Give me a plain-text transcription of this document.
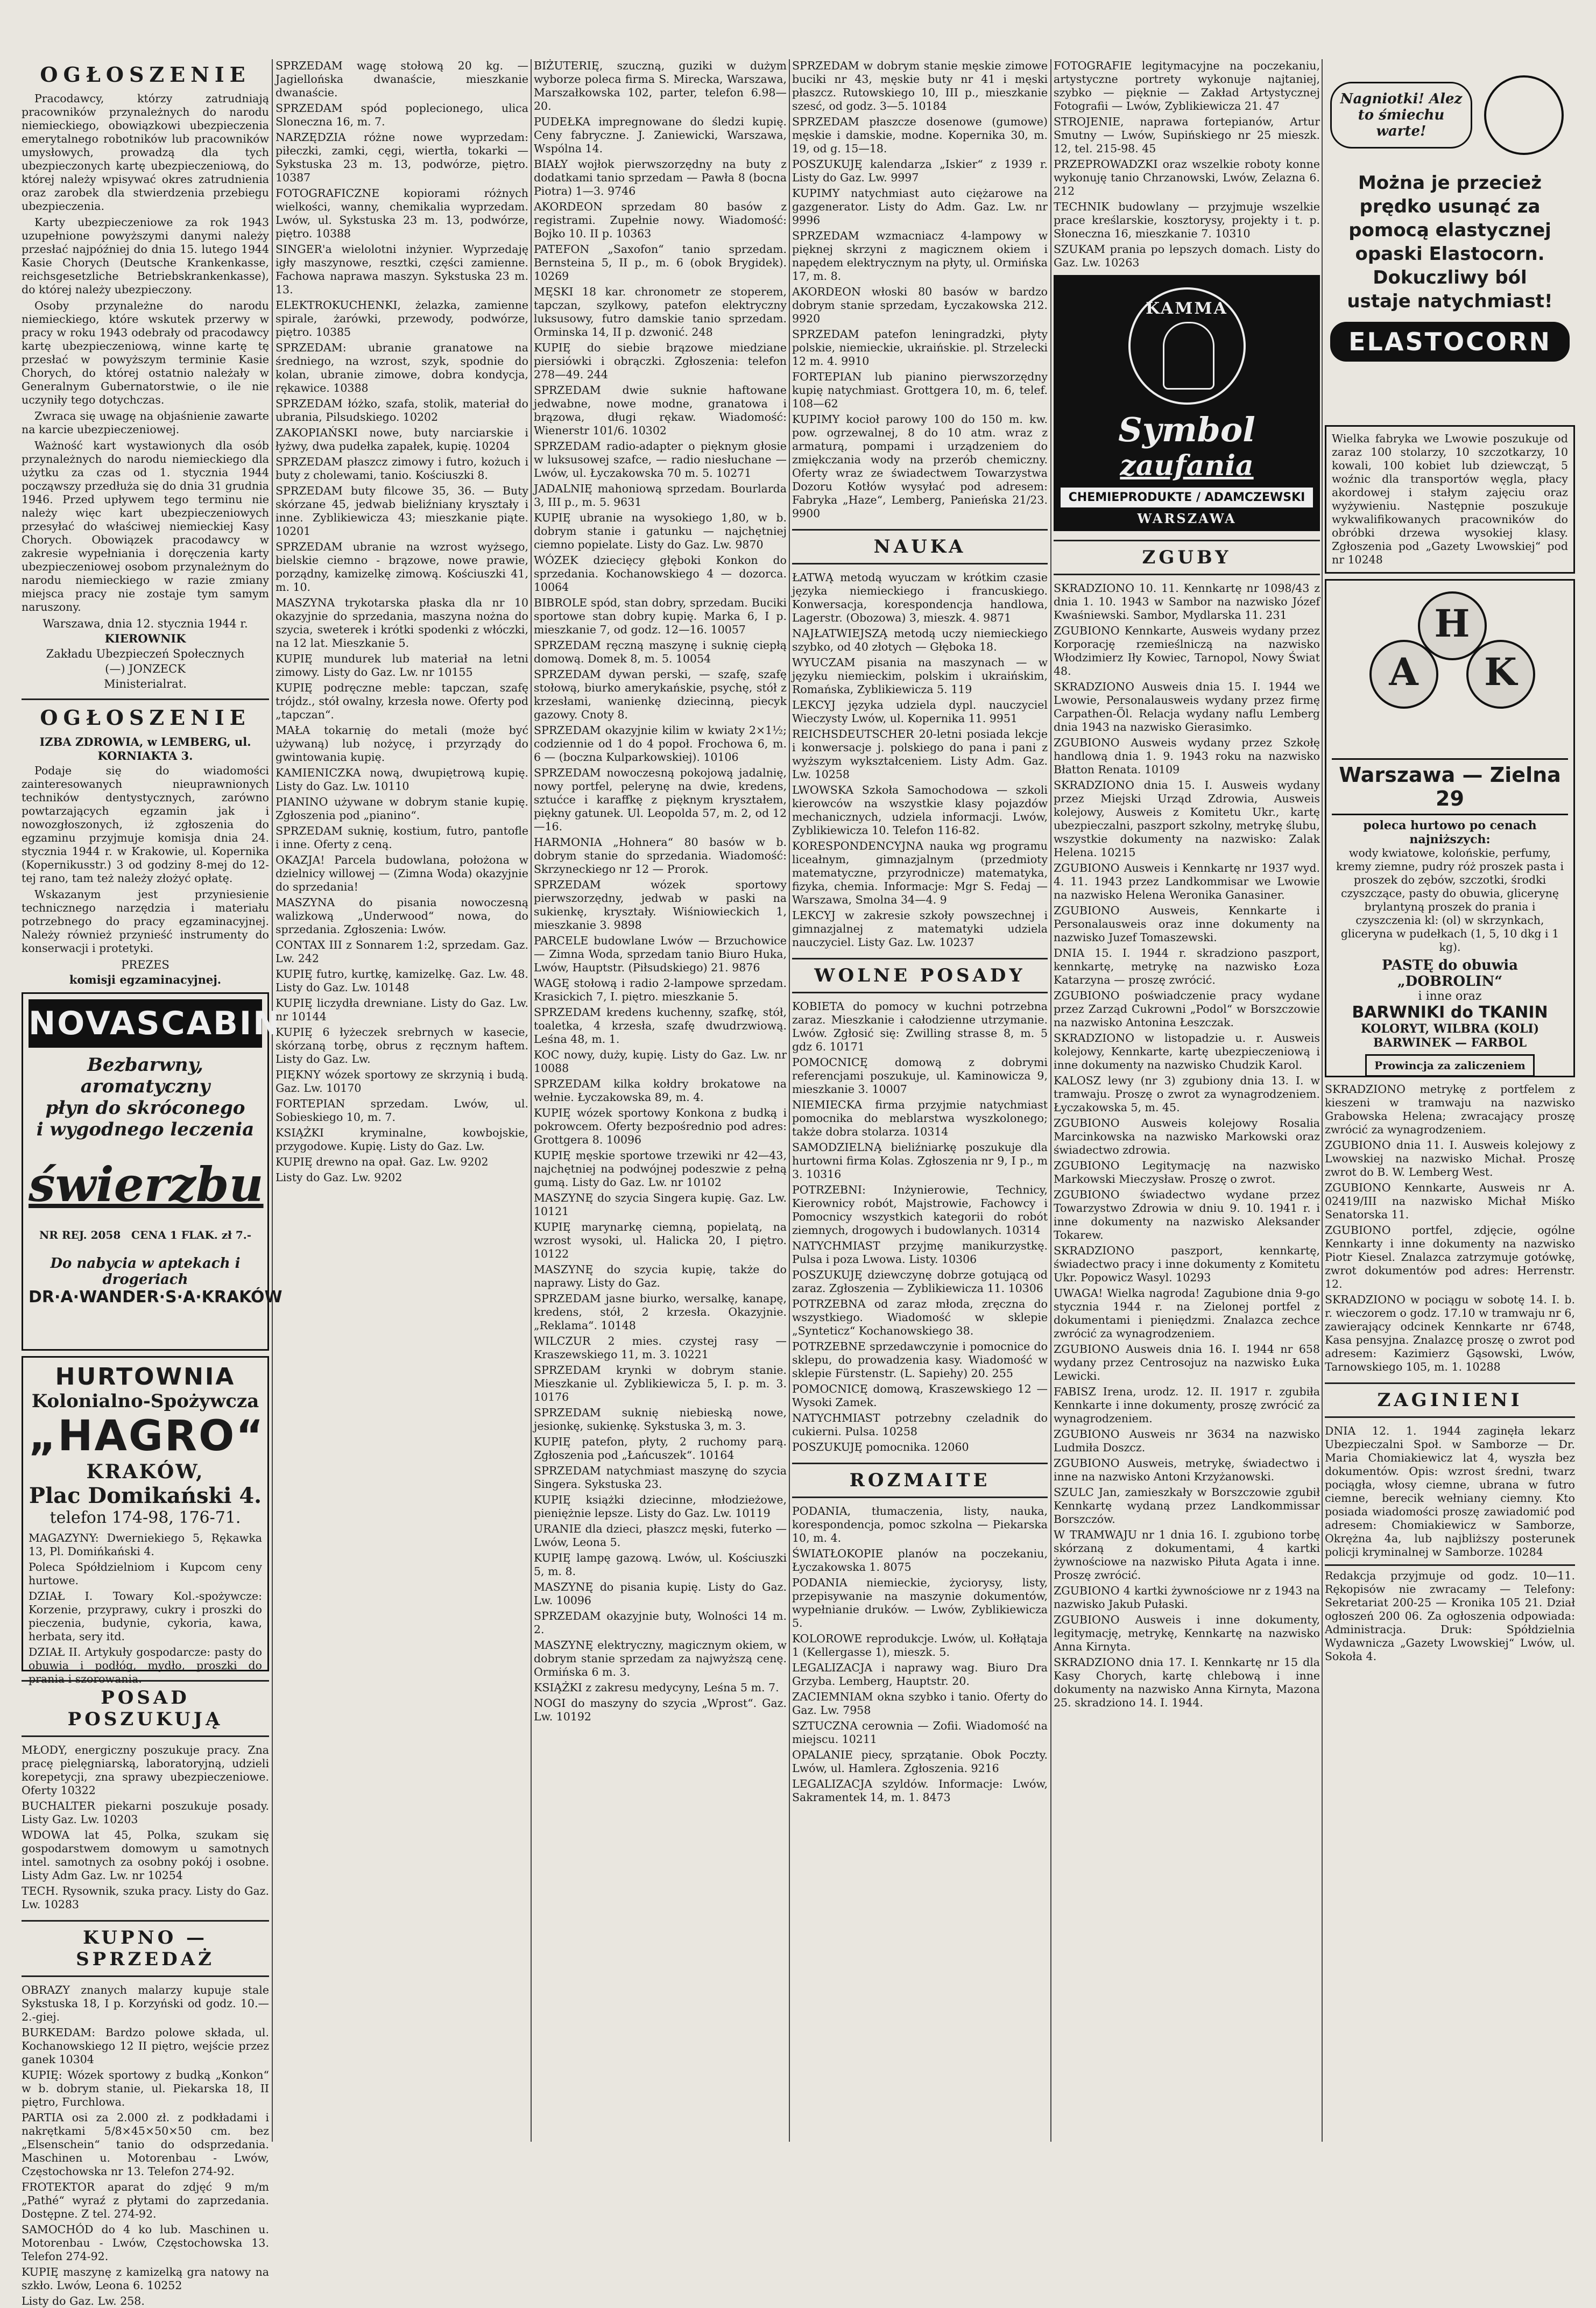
OGŁOSZENIE
Pracodawcy, którzy zatrudniają pracowników przynależnych do narodu niemieckiego, obowiązkowi ubezpieczenia emerytalnego robotników lub pracowników umysłowych, prowadzą dla tych ubezpieczonych kartę ubezpieczeniową, do której należy wpisywać okres zatrudnienia oraz zarobek dla stwierdzenia przebiegu ubezpieczenia.
Karty ubezpieczeniowe za rok 1943 uzupełnione powyższymi danymi należy przesłać najpóźniej do dnia 15. lutego 1944 Kasie Chorych (Deutsche Krankenkasse, reichsgesetzliche Betriebskrankenkasse), do której należy ubezpieczony.
Osoby przynależne do narodu niemieckiego, które wskutek przerwy w pracy w roku 1943 odebrały od pracodawcy kartę ubezpieczeniową, winne kartę tę przesłać w powyższym terminie Kasie Chorych, do której ostatnio należały w Generalnym Gubernatorstwie, o ile nie uczyniły tego dotychczas.
Zwraca się uwagę na objaśnienie zawarte na karcie ubezpieczeniowej.
Ważność kart wystawionych dla osób przynależnych do narodu niemieckiego dla użytku za czas od 1. stycznia 1944 począwszy przedłuża się do dnia 31 grudnia 1946. Przed upływem tego terminu nie należy więc kart ubezpieczeniowych przesyłać do właściwej niemieckiej Kasy Chorych. Obowiązek pracodawcy w zakresie wypełniania i doręczenia karty ubezpieczeniowej osobom przynależnym do narodu niemieckiego w razie zmiany miejsca pracy nie zostaje tym samym naruszony.
Warszawa, dnia 12. stycznia 1944 r.
KIEROWNIK
Zakładu Ubezpieczeń Społecznych
(—) JONZECK
Ministerialrat.
OGŁOSZENIE
IZBA ZDROWIA, w LEMBERG, ul. KORNIAKTA 3.
Podaje się do wiadomości zainteresowanych nieuprawnionych techników dentystycznych, zarówno powtarzających egzamin jak i nowozgłoszonych, iż zgłoszenia do egzaminu przyjmuje komisja dnia 24. stycznia 1944 r. w Krakowie, ul. Kopernika (Kopernikusstr.) 3 od godziny 8-mej do 12-tej rano, tam też należy złożyć opłatę.
Wskazanym jest przyniesienie technicznego narzędzia i materiału potrzebnego do pracy egzaminacyjnej. Należy również przynieść instrumenty do konserwacji i protetyki.
PREZES
komisji egzaminacyjnej.
NOVASCABIN
Bezbarwny, aromatyczny
płyn do skróconego
i wygodnego leczenia
świerzbu
NR REJ. 2058 CENA 1 FLAK. zł 7.-
Do nabycia w aptekach i drogeriach
DR·A·WANDER·S·A·KRAKÓW
HURTOWNIA
Kolonialno-Spożywcza
„HAGRO“
KRAKÓW,
Plac Domikański 4.
telefon 174-98, 176-71.
MAGAZYNY: Dwerniekiego 5, Rękawka 13, Pl. Domińkański 4.
Poleca Spółdzielniom i Kupcom ceny hurtowe.
DZIAŁ I. Towary Kol.-spożywcze: Korzenie, przyprawy, cukry i proszki do pieczenia, budynie, cykoria, kawa, herbata, sery itd.
DZIAŁ II. Artykuły gospodarcze: pasty do obuwia i podłóg, mydło, proszki do prania i szorowania.
POSAD POSZUKUJĄ
MŁODY, energiczny poszukuje pracy. Zna pracę pielęgniarską, laboratoryjną, udzieli korepetycji, zna sprawy ubezpieczeniowe. Oferty 10322
BUCHALTER piekarni poszukuje posady. Listy Gaz. Lw. 10203
WDOWA lat 45, Polka, szukam się gospodarstwem domowym u samotnych intel. samotnych za osobny pokój i osobne. Listy Adm Gaz. Lw. nr 10254
TECH. Rysownik, szuka pracy. Listy do Gaz. Lw. 10283
KUPNO — SPRZEDAŻ
OBRAZY znanych malarzy kupuje stale Sykstuska 18, I p. Korzyński od godz. 10.—2.-giej.
BURKEDAM: Bardzo polowe składa, ul. Kochanowskiego 12 II piętro, wejście przez ganek 10304
KUPIĘ: Wózek sportowy z budką „Konkon“ w b. dobrym stanie, ul. Piekarska 18, II piętro, Furchlowa.
PARTIA osi za 2.000 zł. z podkładami i nakrętkami 5/8×45×50×50 cm. bez „Elsenschein“ tanio do odsprzedania. Maschinen u. Motorenbau - Lwów, Częstochowska nr 13. Telefon 274-92.
FROTEKTOR aparat do zdjęć 9 m/m „Pathé“ wyraź z płytami do zaprzedania. Dostępne. Z tel. 274-92.
SAMOCHÓD do 4 ko lub. Maschinen u. Motorenbau - Lwów, Częstochowska 13. Telefon 274-92.
KUPIĘ maszynę z kamizelką gra natowy na szkło. Lwów, Leona 6. 10252
Listy do Gaz. Lw. 258.
SPRZEDAM wagę stołową 20 kg. — Jagiellońska dwanaście, mieszkanie dwanaście.
SPRZEDAM spód poplecionego, ulica Slonecznа 16, m. 7.
NARZĘDZIA różne nowe wyprzedam: piłeczki, zamki, cęgi, wiertła, tokarki — Sykstuska 23 m. 13, podwórze, piętro. 10387
FOTOGRAFICZNE kopiorami różnych wielkości, wanny, chemikalia wyprzedam. Lwów, ul. Sykstuska 23 m. 13, podwórze, piętro. 10388
SINGER'a wielolotni inżynier. Wyprzedaję igły maszynowe, resztki, części zamienne. Fachowa naprawa maszyn. Sykstuska 23 m. 13.
ELEKTROKUCHENKI, żelazka, zamienne spirale, żarówki, przewody, podwórze, piętro. 10385
SPRZEDAM: ubranie granatowe na średniego, na wzrost, szyk, spodnie do kolan, ubranie zimowe, dobra kondycja, rękawice. 10388
SPRZEDAM łóżko, szafa, stolik, materiał do ubrania, Pilsudskiego. 10202
ZAKOPIAŃSKI nowe, buty narciarskie i łyżwy, dwa pudełka zapałek, kupię. 10204
SPRZEDAM płaszcz zimowy i futro, kożuch i buty z cholewami, tanio. Kościuszki 8.
SPRZEDAM buty filcowe 35, 36. — Buty skórzane 45, jedwab bieliźniany kryształy i inne. Zyblikiewicza 43; mieszkanie piąte. 10201
SPRZEDAM ubranie na wzrost wyżsego, bielskie ciemno - brązowe, nowe prawie, porządny, kamizelkę zimową. Kościuszki 41, m. 10.
MASZYNA trykotarska płaska dla nr 10 okazyjnie do sprzedania, maszyna nożna do szycia, sweterek i krótki spodenki z włóczki, na 12 lat. Mieszkanie 5.
KUPIĘ mundurek lub materiał na letni zimowy. Listy do Gaz. Lw. nr 10155
KUPIĘ podręczne meble: tapczan, szafę trójdz., stół owalny, krzesła nowe. Oferty pod „tapczan“.
MAŁA tokarnię do metali (może być używaną) lub nożycę, i przyrządy do gwintowania kupię.
KAMIENICZKA nową, dwupiętrową kupię. Listy do Gaz. Lw. 10110
PIANINO używane w dobrym stanie kupię. Zgłoszenia pod „pianino“.
SPRZEDAM suknię, kostium, futro, pantofle i inne. Oferty z ceną.
OKAZJA! Parcela budowlana, położona w dzielnicy willowej — (Zimna Woda) okazyjnie do sprzedania!
MASZYNA do pisania nowoczesną walizkową „Underwood“ nowa, do sprzedania. Zgłoszenia: Lwów.
CONTAX III z Sonnarem 1:2, sprzedam. Gaz. Lw. 242
KUPIĘ futro, kurtkę, kamizelkę. Gaz. Lw. 48. Listy do Gaz. Lw. 10148
KUPIĘ liczydła drewniane. Listy do Gaz. Lw. nr 10144
KUPIĘ 6 łyżeczek srebrnych w kasecie, skórzaną torbę, obrus z ręcznym haftem. Listy do Gaz. Lw.
PIĘKNY wózek sportowy ze skrzynią i budą. Gaz. Lw. 10170
FORTEPIAN sprzedam. Lwów, ul. Sobieskiego 10, m. 7.
KSIĄŻKI kryminalne, kowbojskie, przygodowe. Kupię. Listy do Gaz. Lw.
KUPIĘ drewno na opał. Gaz. Lw. 9202
Listy do Gaz. Lw. 9202
BIŻUTERIĘ, szuczną, guziki w dużym wyborze poleca firma S. Mirecka, Warszawa, Marszałkowska 102, parter, telefon 6.98—20.
PUDEŁKA impregnowane do śledzi kupię. Ceny fabryczne. J. Zaniewicki, Warszawa, Wspólna 14.
BIAŁY wojłok pierwszorzędny na buty z dodatkami tanio sprzedam — Pawła 8 (bocna Piotra) 1—3. 9746
AKORDEON sprzedam 80 basów z registrami. Zupełnie nowy. Wiadomość: Bojko 10. II p. 10363
PATEFON „Saxofon“ tanio sprzedam. Bernsteina 5, II p., m. 6 (obok Brygidek). 10269
MĘSKI 18 kar. chronometr ze stoperem, tapczan, szylkowy, patefon elektryczny luksusowy, futro damskie tanio sprzedam. Orminska 14, II p. dzwonić. 248
KUPIĘ do siebie brązowe miedziane piersiówki i obrączki. Zgłoszenia: telefon 278—49. 244
SPRZEDAM dwie suknie haftowane jedwabne, nowe modne, granatowa i brązowa, długi rękaw. Wiadomość: Wienerstr 101/6. 10302
SPRZEDAM radio-adapter o pięknym głosie w luksusowej szafce, — radio niesłuchane — Lwów, ul. Łyczakowska 70 m. 5. 10271
JADALNIĘ mahoniową sprzedam. Bourlarda 3, III p., m. 5. 9631
KUPIĘ ubranie na wysokiego 1,80, w b. dobrym stanie i gatunku — najchętniej ciemno popielate. Listy do Gaz. Lw. 9870
WÓZEK dziecięcy głęboki Konkon do sprzedania. Kochanowskiego 4 — dozorca. 10064
BIBROLE spód, stan dobry, sprzedam. Buciki sportowe stan dobry kupię. Marka 6, I p. mieszkanie 7, od godz. 12—16. 10057
SPRZEDAM ręczną maszynę i suknię ciepłą domową. Domek 8, m. 5. 10054
SPRZEDAM dywan perski, — szafę, szafę stołową, biurko amerykańskie, psychę, stół z krzesłami, wanienkę dziecinną, piecyk gazowy. Cnoty 8.
SPRZEDAM okazyjnie kilim w kwiaty 2×1½; codziennie od 1 do 4 popoł. Frochowa 6, m. 6 — (boczna Kulparkowskiej). 10106
SPRZEDAM nowoczesną pokojową jadalnię, nowy portfel, pelerynę na dwie, kredens, sztućce i karaffkę z pięknym kryształem, piękny gatunek. Ul. Leopolda 57, m. 2, od 12—16.
HARMONIA „Hohnera“ 80 basów w b. dobrym stanie do sprzedania. Wiadomość: Skrzyneckiego nr 12 — Prorok.
SPRZEDAM wózek sportowy pierwszorzędny, jedwab w paski na sukienkę, kryształy. Wiśniowieckich 1, mieszkanie 3. 9898
PARCELE budowlane Lwów — Brzuchowice — Zimna Woda, sprzedam tanio Biuro Huka, Lwów, Hauptstr. (Piłsudskiego) 21. 9876
WAGĘ stołową i radio 2-lampowe sprzedam. Krasickich 7, I. piętro. mieszkanie 5.
SPRZEDAM kredens kuchenny, szafkę, stół, toaletka, 4 krzesła, szafę dwudrzwiową. Leśna 48, m. 1.
KOC nowy, duży, kupię. Listy do Gaz. Lw. nr 10088
SPRZEDAM kilka kołdry brokatowe na wełnie. Łyczakowska 89, m. 4.
KUPIĘ wózek sportowy Konkona z budką i pokrowcem. Oferty bezpośrednio pod adres: Grottgera 8. 10096
KUPIĘ męskie sportowe trzewiki nr 42—43, najchętniej na podwójnej podeszwie z pełną gumą. Listy do Gaz. Lw. nr 10102
MASZYNĘ do szycia Singera kupię. Gaz. Lw. 10121
KUPIĘ marynarkę ciemną, popielatą, na wzrost wysoki, ul. Halicka 20, I piętro. 10122
MASZYNĘ do szycia kupię, także do naprawy. Listy do Gaz.
SPRZEDAM jasne biurko, wersalkę, kanapę, kredens, stół, 2 krzesła. Okazyjnie. „Reklama“. 10148
WILCZUR 2 mies. czystej rasy — Kraszewskiego 11, m. 3. 10221
SPRZEDAM krynki w dobrym stanie. Mieszkanie ul. Zyblikiewicza 5, I. p. m. 3. 10176
SPRZEDAM suknię niebieską nowe, jesionkę, sukienkę. Sykstuska 3, m. 3.
KUPIĘ patefon, płyty, 2 ruchomy parą. Zgłoszenia pod „Łańcuszek“. 10164
SPRZEDAM natychmiast maszynę do szycia Singera. Sykstuska 23.
KUPIĘ książki dziecinne, młodzieżowe, pieniężnie lepsze. Listy do Gaz. Lw. 10119
URANIE dla dzieci, płaszcz męski, futerko — Lwów, Leona 5.
KUPIĘ lampę gazową. Lwów, ul. Kościuszki 5, m. 8.
MASZYNĘ do pisania kupię. Listy do Gaz. Lw. 10096
SPRZEDAM okazyjnie buty, Wolności 14 m. 2.
MASZYNĘ elektryczny, magicznym okiem, w dobrym stanie sprzedam za najwyższą cenę. Ormińska 6 m. 3.
KSIĄŻKI z zakresu medycyny, Leśna 5 m. 7.
NOGI do maszyny do szycia „Wprost“. Gaz. Lw. 10192
SPRZEDAM w dobrym stanie męskie zimowe buciki nr 43, męskie buty nr 41 i męski płaszcz. Rutowskiego 10, III p., mieszkanie szesć, od godz. 3—5. 10184
SPRZEDAM płaszcze dosenowe (gumowe) męskie i damskie, modne. Kopernika 30, m. 19, od g. 15—18.
POSZUKUJĘ kalendarza „Iskier“ z 1939 r. Listy do Gaz. Lw. 9997
KUPIMY natychmiast auto ciężarowe na gazgenerator. Listy do Adm. Gaz. Lw. nr 9996
SPRZEDAM wzmacniacz 4-lampowy w pięknej skrzyni z magicznem okiem i napędem elektrycznym na płyty, ul. Ormińska 17, m. 8.
AKORDEON włoski 80 basów w bardzo dobrym stanie sprzedam, Łyczakowska 212. 9920
SPRZEDAM patefon leningradzki, płyty polskie, niemieckie, ukraińskie. pl. Strzelecki 12 m. 4. 9910
FORTEPIAN lub pianino pierwszorzędny kupię natychmiast. Grottgera 10, m. 6, telef. 108—62
KUPIMY kocioł parowy 100 do 150 m. kw. pow. ogrzewalnej, 8 do 10 atm. wraz z armaturą, pompami i urządzeniem do zmiękczania wody na przerób chemiczny. Oferty wraz ze świadectwem Towarzystwa Dozoru Kotłów wysyłać pod adresem: Fabryka „Haze“, Lemberg, Panieńska 21/23. 9900
NAUKA
ŁATWĄ metodą wyuczam w krótkim czasie języka niemieckiego i francuskiego. Konwersacja, korespondencja handlowa, Lagerstr. (Obozowa) 3, mieszk. 4. 9871
NAJŁATWIEJSZĄ metodą uczy niemieckiego szybko, od 40 złotych — Głęboka 18.
WYUCZAM pisania na maszynach — w języku niemieckim, polskim i ukraińskim, Romańska, Zyblikiewicza 5. 119
LEKCYJ języka udziela dypl. nauczyciel Wieczysty Lwów, ul. Kopernika 11. 9951
REICHSDEUTSCHER 20-letni posiada lekcje i konwersacje j. polskiego do pana i pani z wyższym wykształceniem. Listy Adm. Gaz. Lw. 10258
LWOWSKA Szkoła Samochodowa — szkoli kierowców na wszystkie klasy pojazdów mechanicznych, udziela informacji. Lwów, Zyblikiewicza 10. Telefon 116-82.
KORESPONDENCYJNA nauka wg programu liceałnym, gimnazjalnym (przedmioty matematyczne, przyrodnicze) matematyka, fizyka, chemia. Informacje: Mgr S. Fedaj — Warszawa, Smolna 34—4. 9
LEKCYJ w zakresie szkoły powszechnej i gimnazjalnej z matematyki udziela nauczyciel. Listy Gaz. Lw. 10237
WOLNE POSADY
KOBIETA do pomocy w kuchni potrzebna zaraz. Mieszkanie i całodzienne utrzymanie. Lwów. Zgłosić się: Zwilling strasse 8, m. 5 gdz 6. 10171
POMOCNICĘ domową z dobrymi referencjami poszukuje, ul. Kaminowicza 9, mieszkanie 3. 10007
NIEMIECKA firma przyjmie natychmiast pomocnika do meblarstwa wyszkolonego; także dobra stolarza. 10314
SAMODZIELNĄ bieliźniarkę poszukuje dla hurtowni firma Kolas. Zgłoszenia nr 9, I p., m 3. 10316
POTRZEBNI: Inżynierowie, Technicy, Kierownicy robót, Majstrowie, Fachowcy i Pomocnicy wszystkich kategorii do robót ziemnych, drogowych i budowlanych. 10314
NATYCHMIAST przyjmę manikurzystkę. Pulsa i poza Lwowa. Listy. 10306
POSZUKUJĘ dziewczynę dobrze gotującą od zaraz. Zgłoszenia — Zyblikiewicza 11. 10306
POTRZEBNA od zaraz młoda, zręczna do wszystkiego. Wiadomość w sklepie „Synteticz“ Kochanowskiego 38.
POTRZEBNE sprzedawczynie i pomocnice do sklepu, do prowadzenia kasy. Wiadomość w sklepie Fürstenstr. (L. Sapiehy) 20. 255
POMOCNICĘ domową, Kraszewskiego 12 — Wysoki Zamek.
NATYCHMIAST potrzebny czeladnik do cukierni. Pulsa. 10258
POSZUKUJĘ pomocnika. 12060
ROZMAITE
PODANIA, tłumaczenia, listy, nauka, korespondencja, pomoc szkolna — Piekarska 10, m. 4.
ŚWIATŁOKOPIE planów na poczekaniu, Łyczakowska 1. 8075
PODANIA niemieckie, życiorysy, listy, przepisywanie na maszynie dokumentów, wypełnianie druków. — Lwów, Zyblikiewicza 5.
KOLOROWE reprodukcje. Lwów, ul. Kołłątaja 1 (Kellergasse 1), mieszk. 5.
LEGALIZACJA i naprawy wag. Biuro Dra Grzyba. Lemberg, Hauptstr. 20.
ZACIEMNIAM okna szybko i tanio. Oferty do Gaz. Lw. 7958
SZTUCZNA cerownia — Zofii. Wiadomość na miejscu. 10211
OPALANIE piecy, sprzątanie. Obok Poczty. Lwów, ul. Hamlera. Zgłoszenia. 9216
LEGALIZACJA szyldów. Informacje: Lwów, Sakramentek 14, m. 1. 8473
FOTOGRAFIE legitymacyjne na poczekaniu, artystyczne portrety wykonuje najtaniej, szybko — pięknie — Zakład Artystycznej Fotografii — Lwów, Zyblikiewicza 21. 47
STROJENIE, naprawa fortepianów, Artur Smutny — Lwów, Supińskiego nr 25 mieszk. 12, tel. 215-98. 45
PRZEPROWADZKI oraz wszelkie roboty konne wykonuję tanio Chrzanowski, Lwów, Zelazna 6. 212
TECHNIK budowlany — przyjmuje wszelkie prace kreślarskie, kosztorysy, projekty i t. p. Słoneczna 16, mieszkanie 7. 10310
SZUKAM prania po lepszych domach. Listy do Gaz. Lw. 10263
KAMMA
Symbol
zaufania
CHEMIEPRODUKTE / ADAMCZEWSKI
WARSZAWA
ZGUBY
SKRADZIONO 10. 11. Kennkartę nr 1098/43 z dnia 1. 10. 1943 w Sambor na nazwisko Józef Kwaśniewski. Sambor, Mydlarska 11. 231
ZGUBIONO Kennkarte, Ausweis wydany przez Korporację rzemieślniczą na nazwisko Włodzimierz Iły Kowiec, Tarnopol, Nowy Świat 48.
SKRADZIONO Ausweis dnia 15. I. 1944 we Lwowie, Personalausweis wydany przez firmę Carpathen-Öl. Relacja wydany naflu Lemberg dnia 1943 na nazwisko Gierasimko.
ZGUBIONO Ausweis wydany przez Szkołę handlową dnia 1. 9. 1943 roku na nazwisko Błatton Renata. 10109
SKRADZIONO dnia 15. I. Ausweis wydany przez Miejski Urząd Zdrowia, Ausweis kolejowy, Ausweis z Komitetu Ukr., kartę ubezpieczalni, paszport szkolny, metrykę ślubu, wszystkie dokumenty na nazwisko: Zalak Helena. 10215
ZGUBIONO Ausweis i Kennkartę nr 1937 wyd. 4. 11. 1943 przez Landkommisar we Lwowie na nazwisko Helena Weronika Ganasiner.
ZGUBIONO Ausweis, Kennkarte i Personalausweis oraz inne dokumenty na nazwisko Juzef Tomaszewski.
DNIA 15. I. 1944 r. skradziono paszport, kennkartę, metrykę na nazwisko Łoza Katarzyna — proszę zwrócić.
ZGUBIONO poświadczenie pracy wydane przez Zarząd Cukrowni „Podol“ w Borszczowie na nazwisko Antonina Łeszczak.
SKRADZIONO w listopadzie u. r. Ausweis kolejowy, Kennkarte, kartę ubezpieczeniową i inne dokumenty na nazwisko Chudzik Karol.
KALOSZ lewy (nr 3) zgubiony dnia 13. I. w tramwaju. Proszę o zwrot za wynagrodzeniem. Łyczakowska 5, m. 45.
ZGUBIONO Ausweis kolejowy Rosalia Marcinkowska na nazwisko Markowski oraz świadectwo zdrowia.
ZGUBIONO Legitymację na nazwisko Markowski Mieczysław. Proszę o zwrot.
ZGUBIONO świadectwo wydane przez Towarzystwo Zdrowia w dniu 9. 10. 1941 r. i inne dokumenty na nazwisko Aleksander Tokarew.
SKRADZIONO paszport, kennkartę, świadectwo pracy i inne dokumenty z Komitetu Ukr. Popowicz Wasyl. 10293
UWAGA! Wielka nagroda! Zagubione dnia 9-go stycznia 1944 r. na Zielonej portfel z dokumentami i pieniędzmi. Znalazca zechce zwrócić za wynagrodzeniem.
ZGUBIONO Ausweis dnia 16. I. 1944 nr 658 wydany przez Centrosojuz na nazwisko Łuka Lewicki.
FABISZ Irena, urodz. 12. II. 1917 r. zgubiła Kennkarte i inne dokumenty, proszę zwrócić za wynagrodzeniem.
ZGUBIONO Ausweis nr 3634 na nazwisko Ludmiła Doszcz.
ZGUBIONO Ausweis, metrykę, świadectwo i inne na nazwisko Antoni Krzyżanowski.
SZULC Jan, zamieszkały w Borszczowie zgubił Kennkartę wydaną przez Landkommissar Borszczów.
W TRAMWAJU nr 1 dnia 16. I. zgubiono torbę skórzaną z dokumentami, 4 kartki żywnościowe na nazwisko Piłuta Agata i inne. Proszę zwrócić.
ZGUBIONO 4 kartki żywnościowe nr z 1943 na nazwisko Jakub Pułaski.
ZGUBIONO Ausweis i inne dokumenty, legitymację, metrykę, Kennkartę na nazwisko Anna Kirnyta.
SKRADZIONO dnia 17. I. Kennkartę nr 15 dla Kasy Chorych, kartę chlebową i inne dokumenty na nazwisko Anna Kirnyta, Mazona 25. skradziono 14. I. 1944.
Nagniotki! Alez to śmiechu warte!
Można je przecież
prędko usunąć za
pomocą elastycznej
opaski Elastocorn.
Dokuczliwy ból
ustaje natychmiast!
ELASTOCORN
Wielka fabryka we Lwowie poszukuje od zaraz 100 stolarzy, 10 szczotkarzy, 10 kowali, 100 kobiet lub dziewcząt, 5 woźnic dla transportów węgla, płacy akordowej i stałym zajęciu oraz wyżywieniu. Następnie poszukuje wykwalifikowanych pracowników do obróbki drzewa wysokiej klasy. Zgłoszenia pod „Gazety Lwowskiej“ pod nr 10248
H
A	K
Warszawa — Zielna 29
poleca hurtowo po cenach najniższych:
wody kwiatowe, kolońskie, perfumy, kremy ziemne, pudry róż proszek pasta i proszek do zębów, szczotki, środki czyszczące, pasty do obuwia, glicerynę brylantyną proszek do prania i czyszczenia kl: (ol) w skrzynkach, gliceryna w pudełkach (1, 5, 10 dkg i 1 kg).
PASTĘ do obuwia „DOBROLIN“
i inne oraz
BARWNIKI do TKANIN
KOLORYT, WILBRA (KOLI) BARWINEK — FARBOL
Prowincja za zaliczeniem
SKRADZIONO metrykę z portfelem z kieszeni w tramwaju na nazwisko Grabowska Helena; zwracający proszę zwrócić za wynagrodzeniem.
ZGUBIONO dnia 11. I. Ausweis kolejowy z Lwowskiej na nazwisko Michał. Proszę zwrot do B. W. Lemberg West.
ZGUBIONO Kennkarte, Ausweis nr A. 02419/III na nazwisko Michał Miśko Senatorska 11.
ZGUBIONO portfel, zdjęcie, ogólne Kennkarty i inne dokumenty na nazwisko Piotr Kiesel. Znalazca zatrzymuje gotówkę, zwrot dokumentów pod adres: Herrenstr. 12.
SKRADZIONO w pociągu w sobotę 14. I. b. r. wieczorem o godz. 17.10 w tramwaju nr 6, zawierający odcinek Kennkarte nr 6748, Kasa pensyjna. Znalazcę proszę o zwrot pod adresem: Kazimierz Gąsowski, Lwów, Tarnowskiego 105, m. 1. 10288
ZAGINIENI
DNIA 12. 1. 1944 zaginęła lekarz Ubezpieczalni Społ. w Samborze — Dr. Maria Chomiakiewicz lat 4, wyszła bez dokumentów. Opis: wzrost średni, twarz pociągła, włosy ciemne, ubrana w futro ciemne, berecik wełniany ciemny. Kto posiada wiadomości proszę zawiadomić pod adresem: Chomiakiewicz w Samborze, Okrężna 4a, lub najbliższy posterunek policji kryminalnej w Samborze. 10284
Redakcja przyjmuje od godz. 10—11. Rękopisów nie zwracamy — Telefony: Sekretariat 200-25 — Kronika 105 21. Dział ogłoszeń 200 06. Za ogłoszenia odpowiada: Administracja. Druk: Spółdzielnia Wydawnicza „Gazety Lwowskiej“ Lwów, ul. Sokoła 4.
